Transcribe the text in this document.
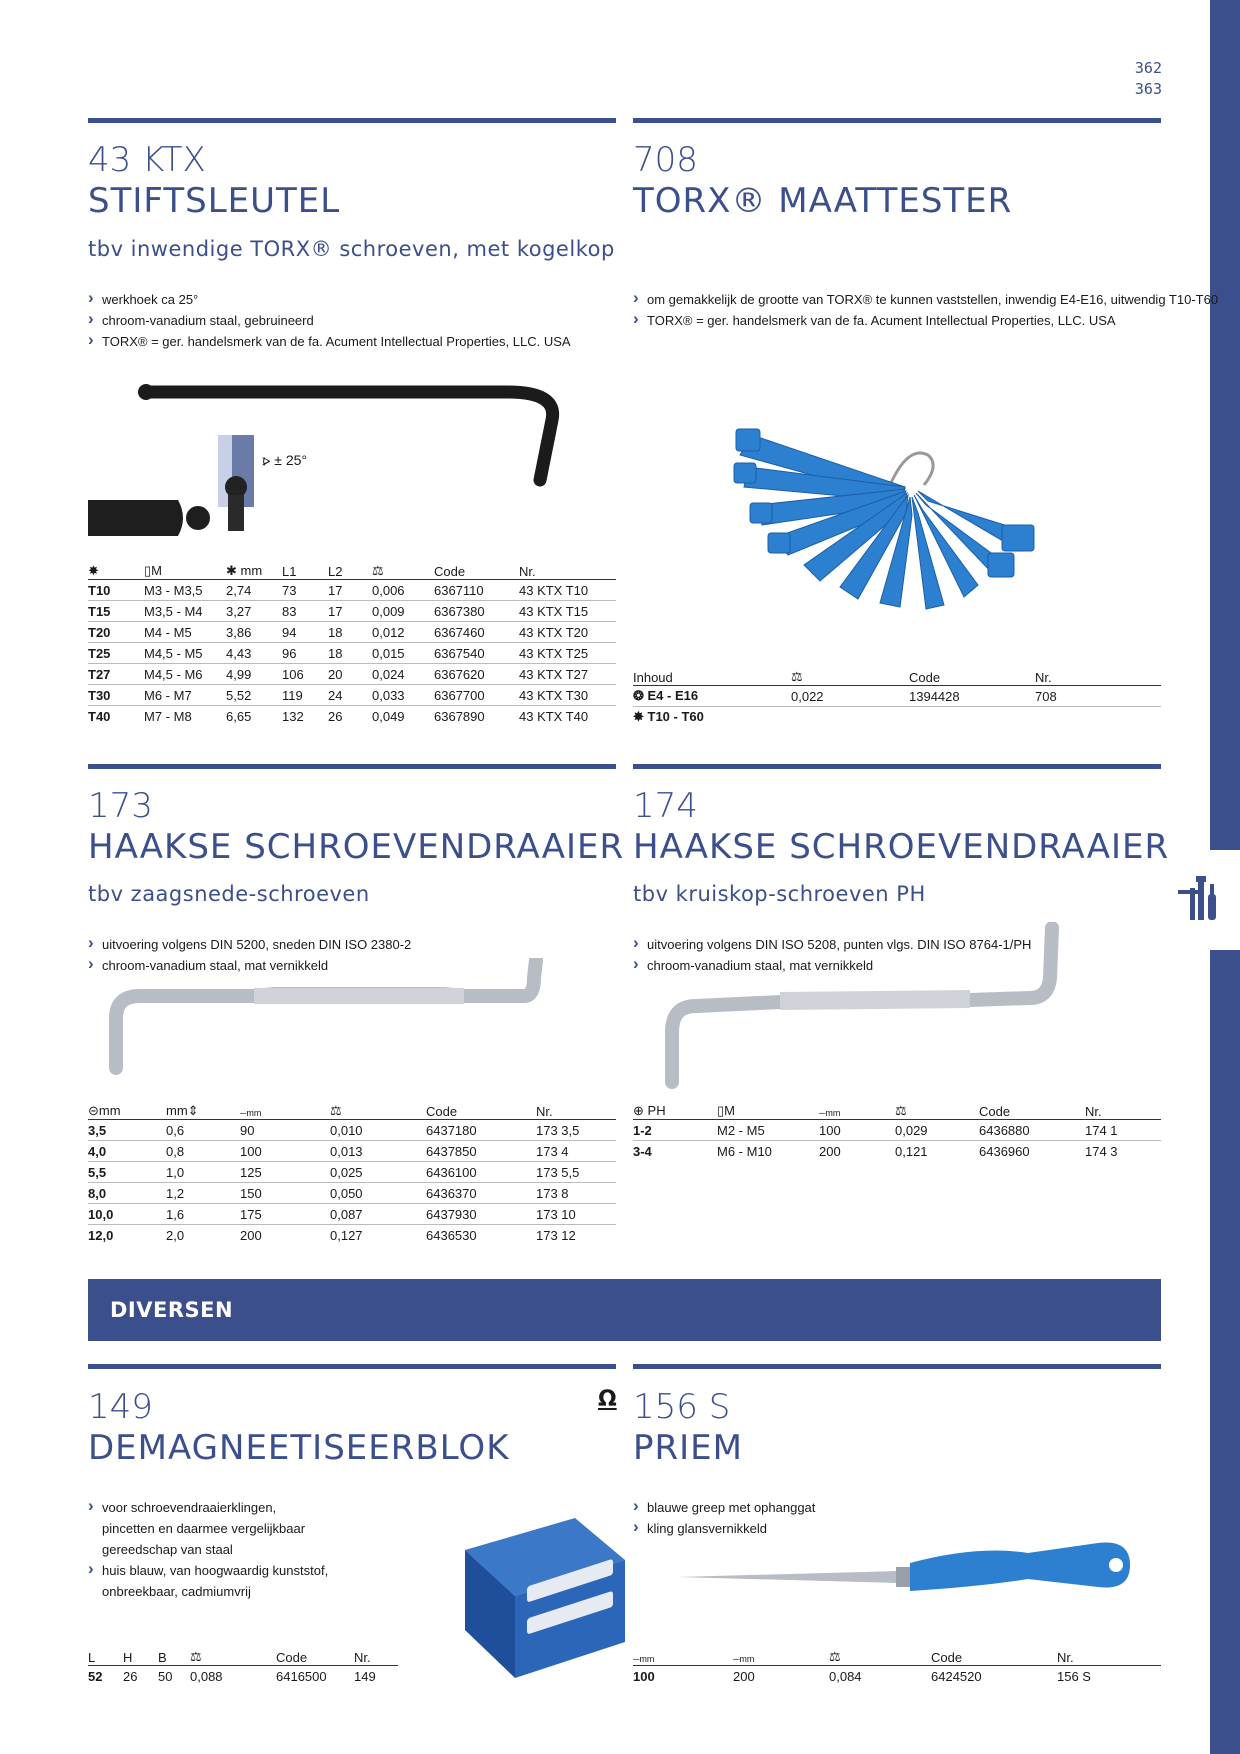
362
363
43 KTX
STIFTSLEUTEL
tbv inwendige TORX® schroeven, met kogelkop
› werkhoek ca 25°
› chroom-vanadium staal, gebruineerd
› TORX® = ger. handelsmerk van de fa. Acument Intellectual Properties, LLC. USA
⦠ ± 25°
✸	▯M	✱ mm	L1	L2	⚖	Code	Nr.
T10	M3 - M3,5	2,74	73	17	0,006	6367110	43 KTX T10
T15	M3,5 - M4	3,27	83	17	0,009	6367380	43 KTX T15
T20	M4 - M5	3,86	94	18	0,012	6367460	43 KTX T20
T25	M4,5 - M5	4,43	96	18	0,015	6367540	43 KTX T25
T27	M4,5 - M6	4,99	106	20	0,024	6367620	43 KTX T27
T30	M6 - M7	5,52	119	24	0,033	6367700	43 KTX T30
T40	M7 - M8	6,65	132	26	0,049	6367890	43 KTX T40
708
TORX® MAATTESTER
› om gemakkelijk de grootte van TORX® te kunnen vaststellen, inwendig E4-E16, uitwendig T10-T60
› TORX® = ger. handelsmerk van de fa. Acument Intellectual Properties, LLC. USA
Inhoud	⚖	Code	Nr.
❂ E4 - E16	0,022	1394428	708
✸ T10 - T60			
173
HAAKSE SCHROEVENDRAAIER
tbv zaagsnede-schroeven
› uitvoering volgens DIN 5200, sneden DIN ISO 2380-2
› chroom-vanadium staal, mat vernikkeld
⊝mm	mm⇕	─mm	⚖	Code	Nr.
3,5	0,6	90	0,010	6437180	173 3,5
4,0	0,8	100	0,013	6437850	173 4
5,5	1,0	125	0,025	6436100	173 5,5
8,0	1,2	150	0,050	6436370	173 8
10,0	1,6	175	0,087	6437930	173 10
12,0	2,0	200	0,127	6436530	173 12
174
HAAKSE SCHROEVENDRAAIER
tbv kruiskop-schroeven PH
› uitvoering volgens DIN ISO 5208, punten vlgs. DIN ISO 8764-1/PH
› chroom-vanadium staal, mat vernikkeld
⊕ PH	▯M	─mm	⚖	Code	Nr.
1-2	M2 - M5	100	0,029	6436880	174 1
3-4	M6 - M10	200	0,121	6436960	174 3
DIVERSEN
149
DEMAGNEETISEERBLOK
Ω
› voor schroevendraaierklingen, pincetten en daarmee vergelijkbaar gereedschap van staal
› huis blauw, van hoogwaardig kunststof, onbreekbaar, cadmiumvrij
L	H	B	⚖	Code	Nr.
52	26	50	0,088	6416500	149
156 S
PRIEM
› blauwe greep met ophanggat
› kling glansvernikkeld
─mm	─mm	⚖	Code	Nr.
100	200	0,084	6424520	156 S
